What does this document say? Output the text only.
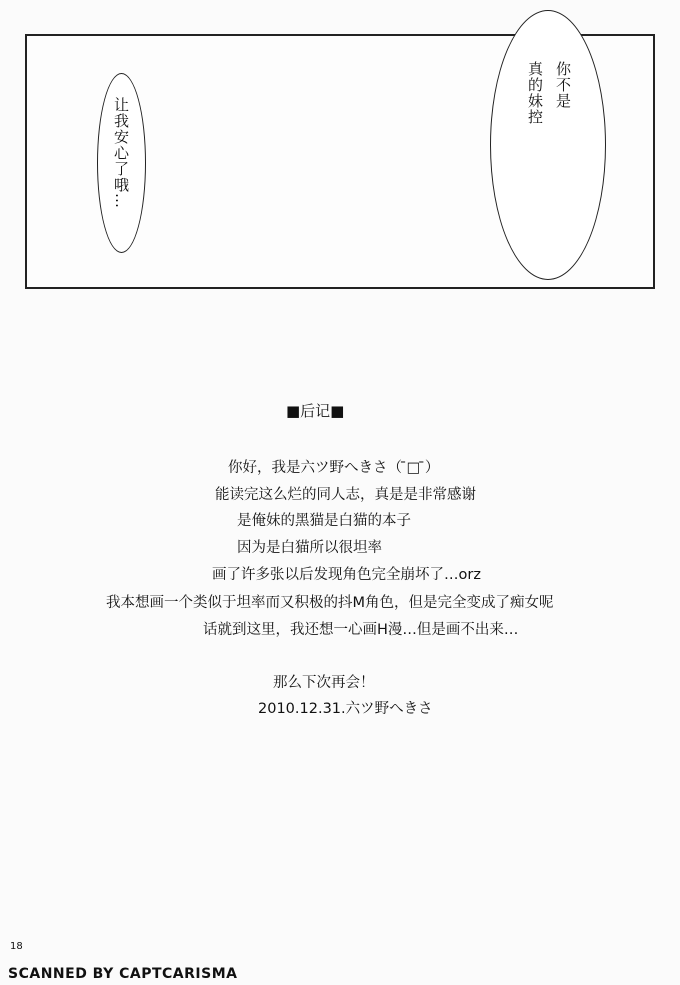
让我安心了哦…
你不是
真的妹控
■后记■
你好，我是六ツ野へきさ（ ̄□ ̄）
能读完这么烂的同人志，真是是非常感谢
是俺妹的黑猫是白猫的本子
因为是白猫所以很坦率
画了许多张以后发现角色完全崩坏了…orz
我本想画一个类似于坦率而又积极的抖M角色，但是完全变成了痴女呢
话就到这里，我还想一心画H漫…但是画不出来…
那么下次再会！
2010.12.31.六ツ野へきさ
18
SCANNED BY CAPTCARISMA
